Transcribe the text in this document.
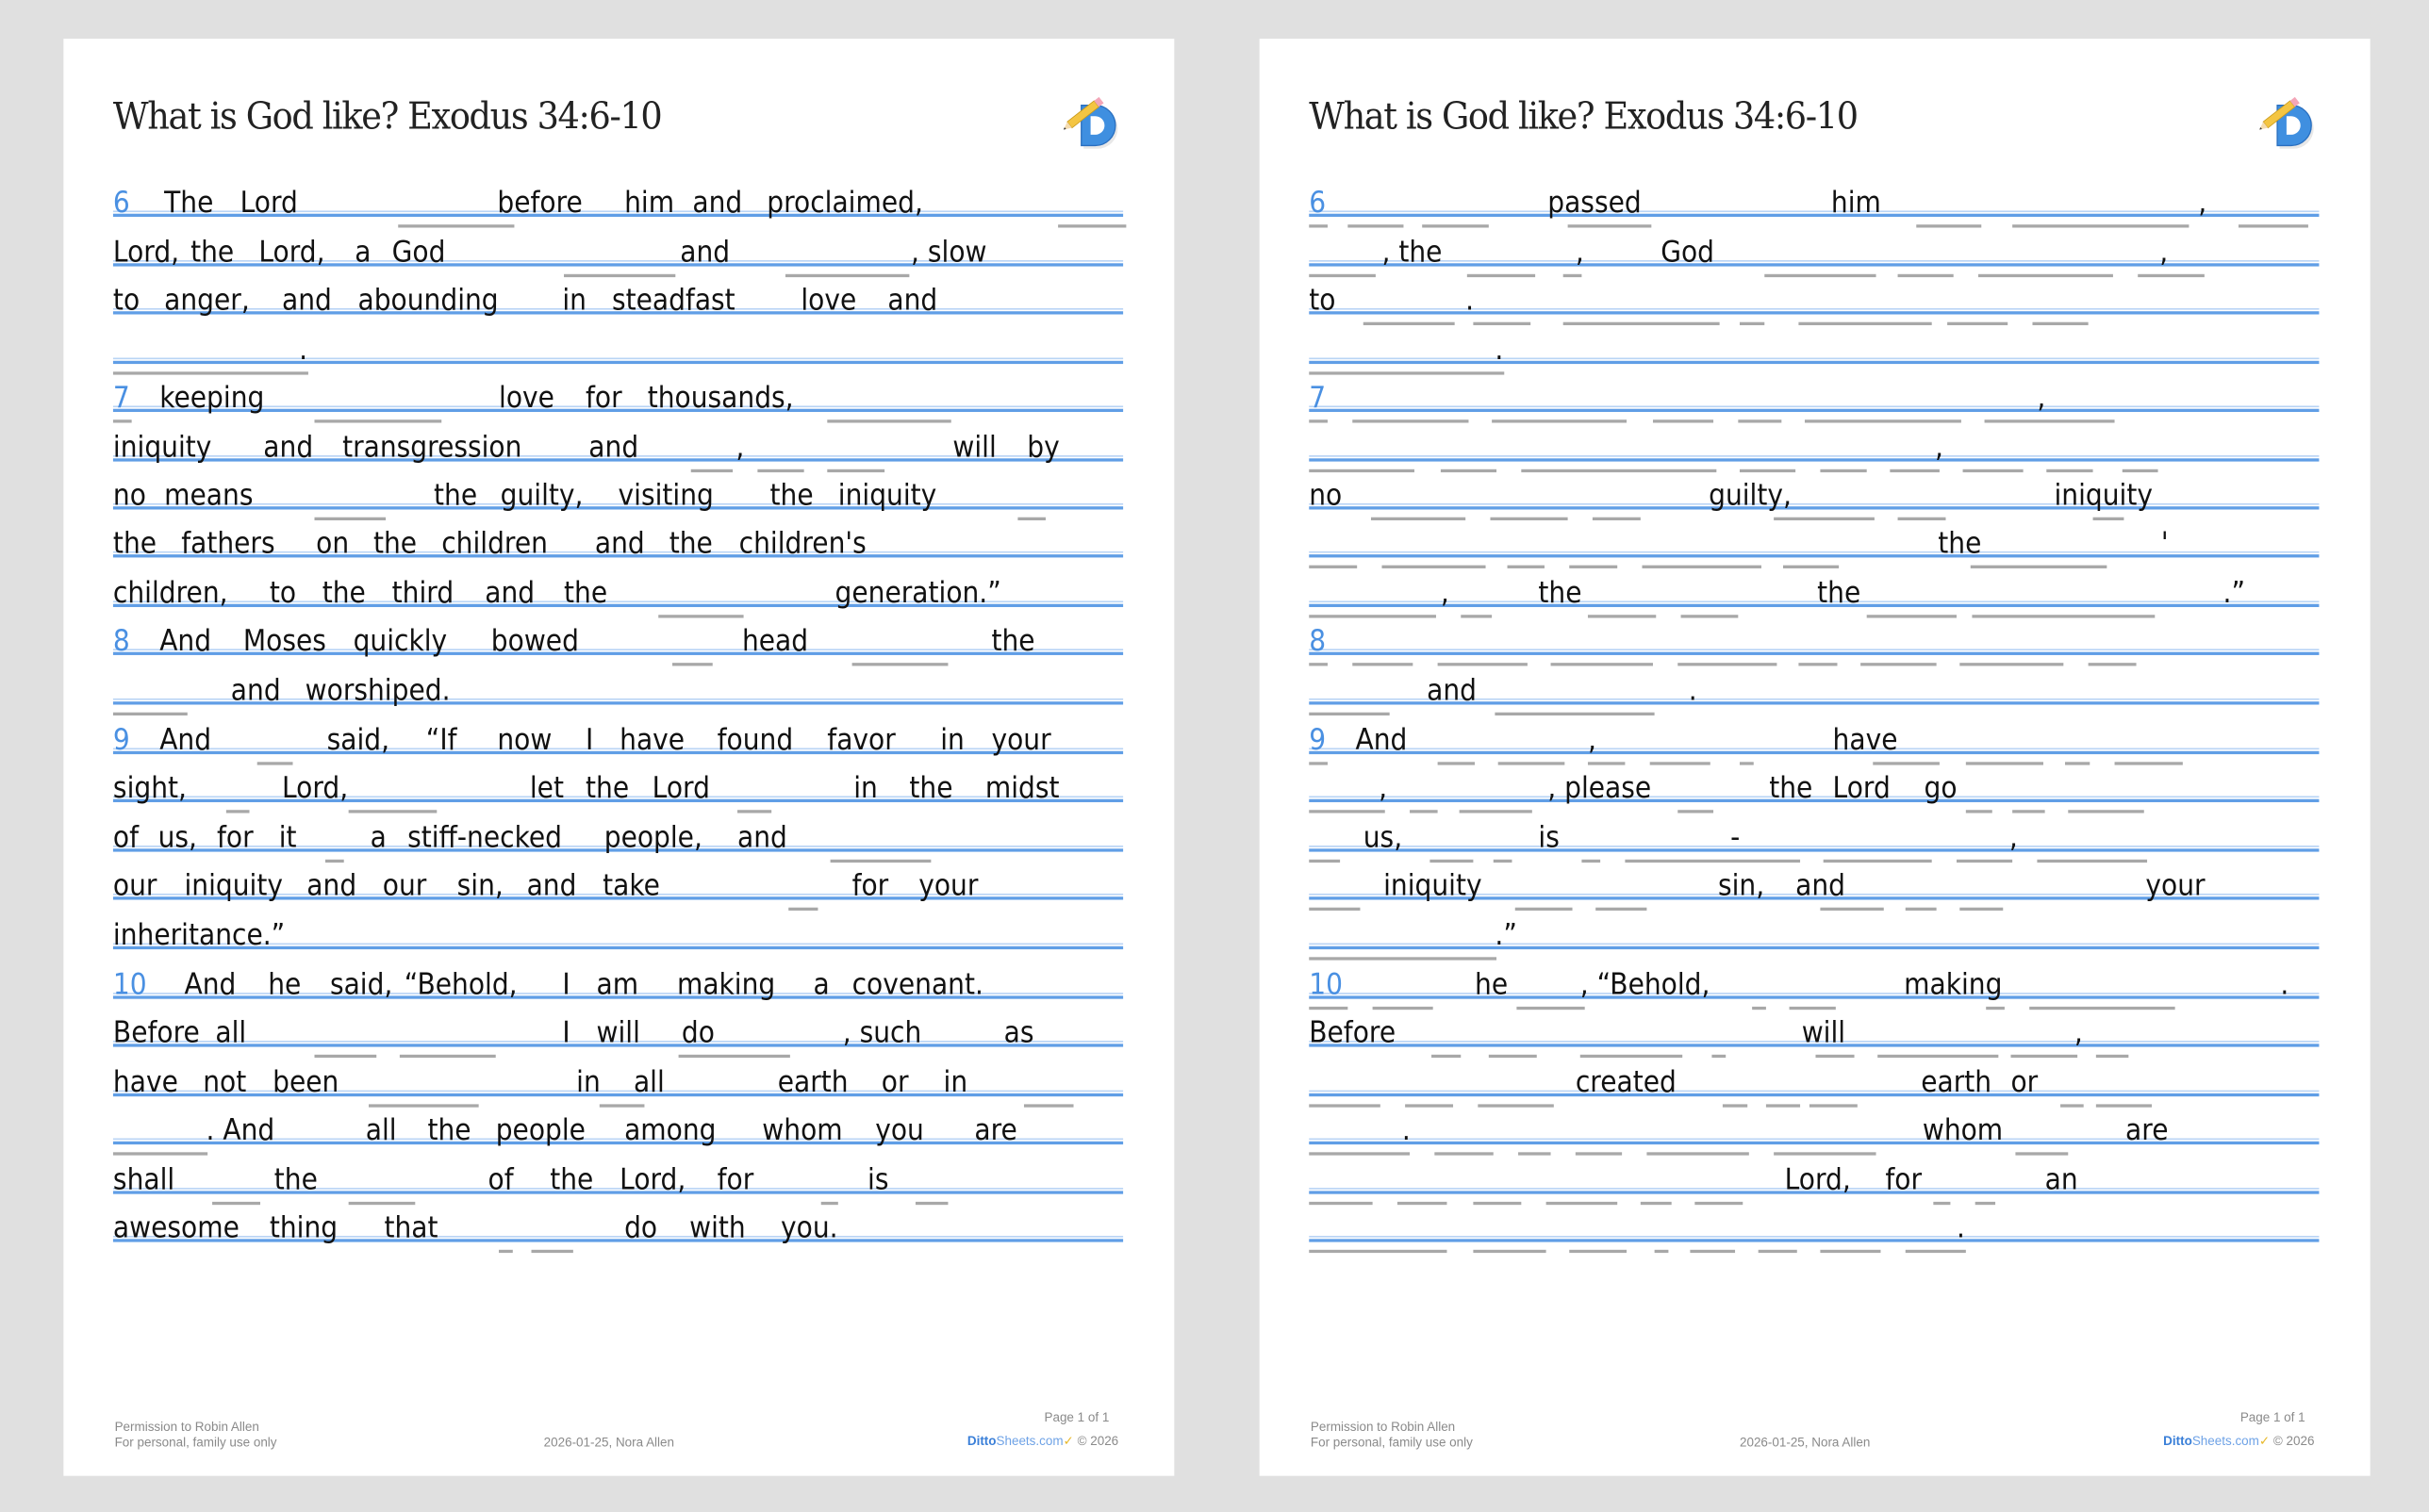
What is God like? Exodus 34:6-10
6 The Lord	before him and proclaimed,
Lord, the Lord, a God	and	, slow
to anger, and abounding	in steadfast	love and
.
7 keeping	love for thousands,
iniquity	and transgression	and	,	will by
no means	the guilty, visiting	the iniquity
the fathers on the children	and the children's
children, to the third and the	generation.”
8 And Moses quickly bowed	head	the
and worshiped.
9 And	said, “If now I have found favor in your
sight,	Lord,	let the Lord	in the midst
of us, for it	a stiff-necked people, and
our iniquity and our sin, and take	for your
inheritance.”
10 And he said, “Behold,	I am making a covenant.
Before all	I will do	, such	as
have not been	in all	earth or in
. And	all the people among	whom you	are
shall	the	of the Lord, for	is
awesome thing	that	do with you.
Permission to Robin Allen
For personal, family use only	2026-01-25, Nora Allen
Page 1 of 1
DittoSheets.com✓ © 2026
What is God like? Exodus 34:6-10
6	passed	him	,
, the	,	God	,
to	.
.
7	,
,
no	guilty,	iniquity
the	'
,	the	the	.”
8
and	.
9 And	,	have
,	, please	the Lord go
us,	is	-	,
iniquity	sin, and	your
.”
10	he	, “Behold,	making	.
Before	will	,
created	earth or
.	whom	are
Lord, for	an
.
Permission to Robin Allen
For personal, family use only	2026-01-25, Nora Allen
Page 1 of 1
DittoSheets.com✓ © 2026
